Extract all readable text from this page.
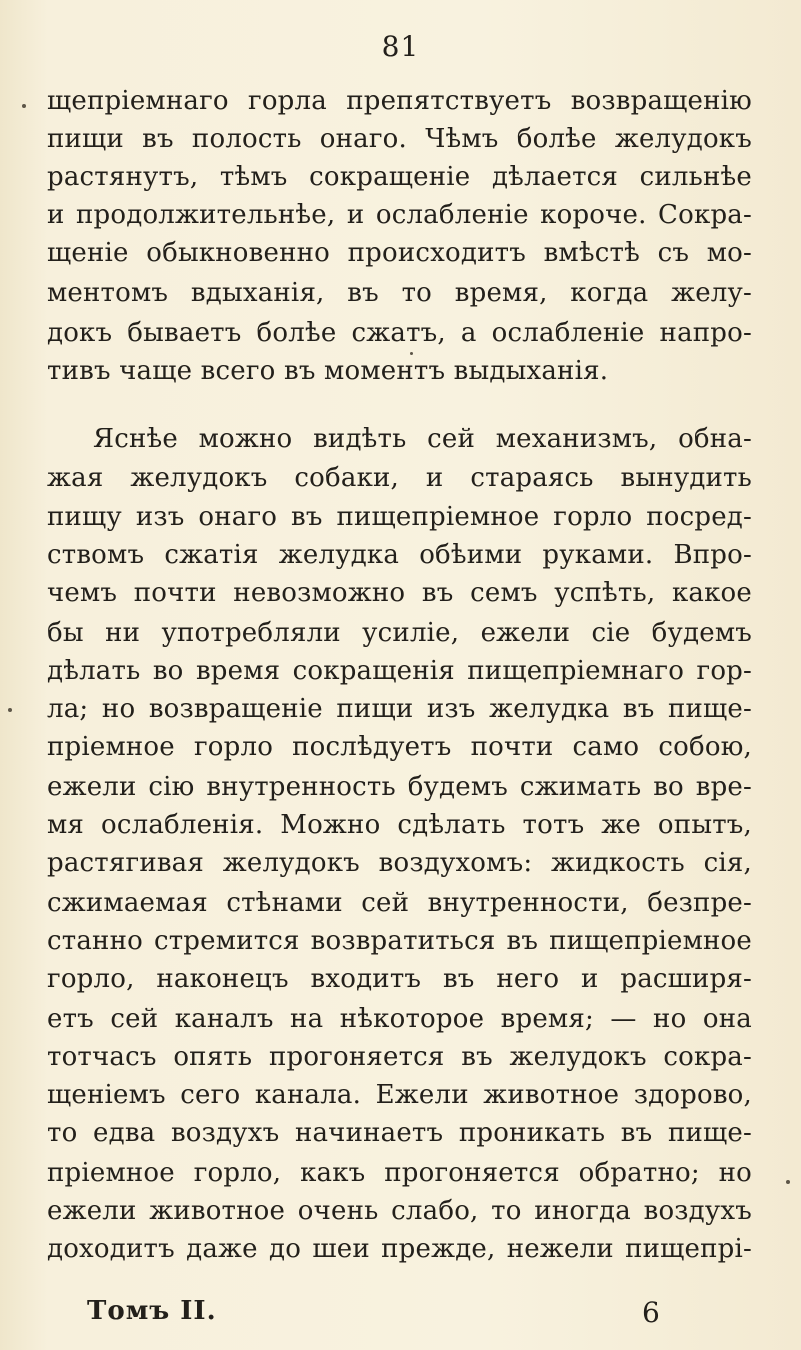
81
щепріемнаго горла препятствуетъ возвращенію
пищи въ полость онаго. Чѣмъ болѣе желудокъ
растянутъ, тѣмъ сокращеніе дѣлается сильнѣе
и продолжительнѣе, и ослабленіе короче. Сокра-
щеніе обыкновенно происходитъ вмѣстѣ съ мо-
ментомъ вдыханія, въ то время, когда желу-
докъ бываетъ болѣе сжатъ, а ослабленіе напро-
тивъ чаще всего въ моментъ выдыханія.
Яснѣе можно видѣть сей механизмъ, обна-
жая желудокъ собаки, и стараясь вынудить
пищу изъ онаго въ пищепріемное горло посред-
ствомъ сжатія желудка обѣими руками. Впро-
чемъ почти невозможно въ семъ успѣть, какое
бы ни употребляли усиліе, ежели сіе будемъ
дѣлать во время сокращенія пищепріемнаго гор-
ла; но возвращеніе пищи изъ желудка въ пище-
пріемное горло послѣдуетъ почти само собою,
ежели сію внутренность будемъ сжимать во вре-
мя ослабленія. Можно сдѣлать тотъ же опытъ,
растягивая желудокъ воздухомъ: жидкость сія,
сжимаемая стѣнами сей внутренности, безпре-
станно стремится возвратиться въ пищепріемное
горло, наконецъ входитъ въ него и расширя-
етъ сей каналъ на нѣкоторое время; — но она
тотчасъ опять прогоняется въ желудокъ сокра-
щеніемъ сего канала. Ежели животное здорово,
то едва воздухъ начинаетъ проникать въ пище-
пріемное горло, какъ прогоняется обратно; но
ежели животное очень слабо, то иногда воздухъ
доходитъ даже до шеи прежде, нежели пищепрі-
Томъ II.	6
